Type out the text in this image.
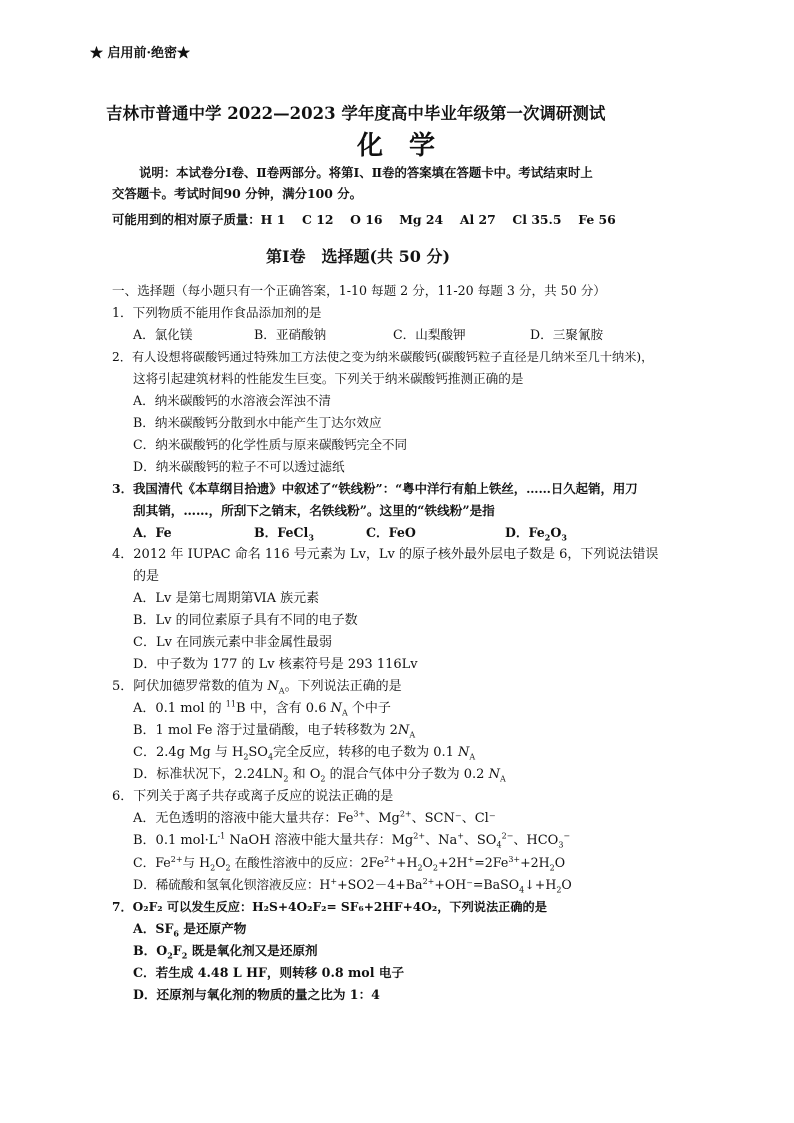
★ 启用前·绝密★
吉林市普通中学 2022—2023 学年度高中毕业年级第一次调研测试
化学
说明：本试卷分Ⅰ卷、Ⅱ卷两部分。将第Ⅰ、Ⅱ卷的答案填在答题卡中。考试结束时上
交答题卡。考试时间90 分钟，满分100 分。
可能用到的相对原子质量：H 1　 C 12　 O 16　 Mg 24　 Al 27　 Cl 35.5　 Fe 56
第Ⅰ卷　选择题(共 50 分)
一、选择题（每小题只有一个正确答案，1-10 每题 2 分，11-20 每题 3 分，共 50 分）
1．下列物质不能用作食品添加剂的是
A．氯化镁	B．亚硝酸钠	C．山梨酸钾	D．三聚氰胺
2．有人设想将碳酸钙通过特殊加工方法使之变为纳米碳酸钙(碳酸钙粒子直径是几纳米至几十纳米)，
这将引起建筑材料的性能发生巨变。下列关于纳米碳酸钙推测正确的是
A．纳米碳酸钙的水溶液会浑浊不清
B．纳米碳酸钙分散到水中能产生丁达尔效应
C．纳米碳酸钙的化学性质与原来碳酸钙完全不同
D．纳米碳酸钙的粒子不可以透过滤纸
3．我国清代《本草纲目拾遗》中叙述了“铁线粉”：“粤中洋行有舶上铁丝，……日久起销，用刀
刮其销，……，所刮下之销末，名铁线粉”。这里的“铁线粉”是指
A．Fe	B．FeCl$_3$	C．FeO	D．$Fe_2O_3$
4．2012 年 IUPAC 命名 116 号元素为 Lv，Lv 的原子核外最外层电子数是 6，下列说法错误
的是
A．Lv 是第七周期第ⅥA 族元素
B．Lv 的同位素原子具有不同的电子数
C．Lv 在同族元素中非金属性最弱
D．中子数为 177 的 Lv 核素符号是 293 116Lv
5．阿伏加德罗常数的值为 $N_A$。下列说法正确的是
A．0.1 mol 的 $^{11}$B 中，含有 0.6 $N_A$ 个中子
B．1 mol Fe 溶于过量硝酸，电子转移数为 $2N_A$
C．2.4g Mg 与 $H_2SO_4$完全反应，转移的电子数为 0.1 $N_A$
D．标准状况下，$2.24LN_2$ 和 $O_2$ 的混合气体中分子数为 0.2 $N_A$
6．下列关于离子共存或离子反应的说法正确的是
A．无色透明的溶液中能大量共存：$Fe^{3+}$、$Mg^{2+}$、SCN⁻、Cl⁻
B．0.1 $mol\cdot L^{-1}$ NaOH 溶液中能大量共存：$Mg^{2+}$、Na+、$SO_4^{2-}$、$HCO_3^-$
C．$Fe^{2+}$与 $H_2O_2$ 在酸性溶液中的反应：$2Fe^{2+}+H_2O_2+2H^+=2Fe^{3+}+2H_2O$
D．稀硫酸和氢氧化钡溶液反应：$H^++SO2-4+Ba^{2+}+OH^-=BaSO_4↓+H_2O$
7．O₂F₂ 可以发生反应：H₂S+4O₂F₂= SF₆+2HF+4O₂，下列说法正确的是
A．$SF_6$ 是还原产物
B．$O_2F_2$ 既是氧化剂又是还原剂
C．若生成 4.48 L HF，则转移 0.8 mol 电子
D．还原剂与氧化剂的物质的量之比为 1：4
